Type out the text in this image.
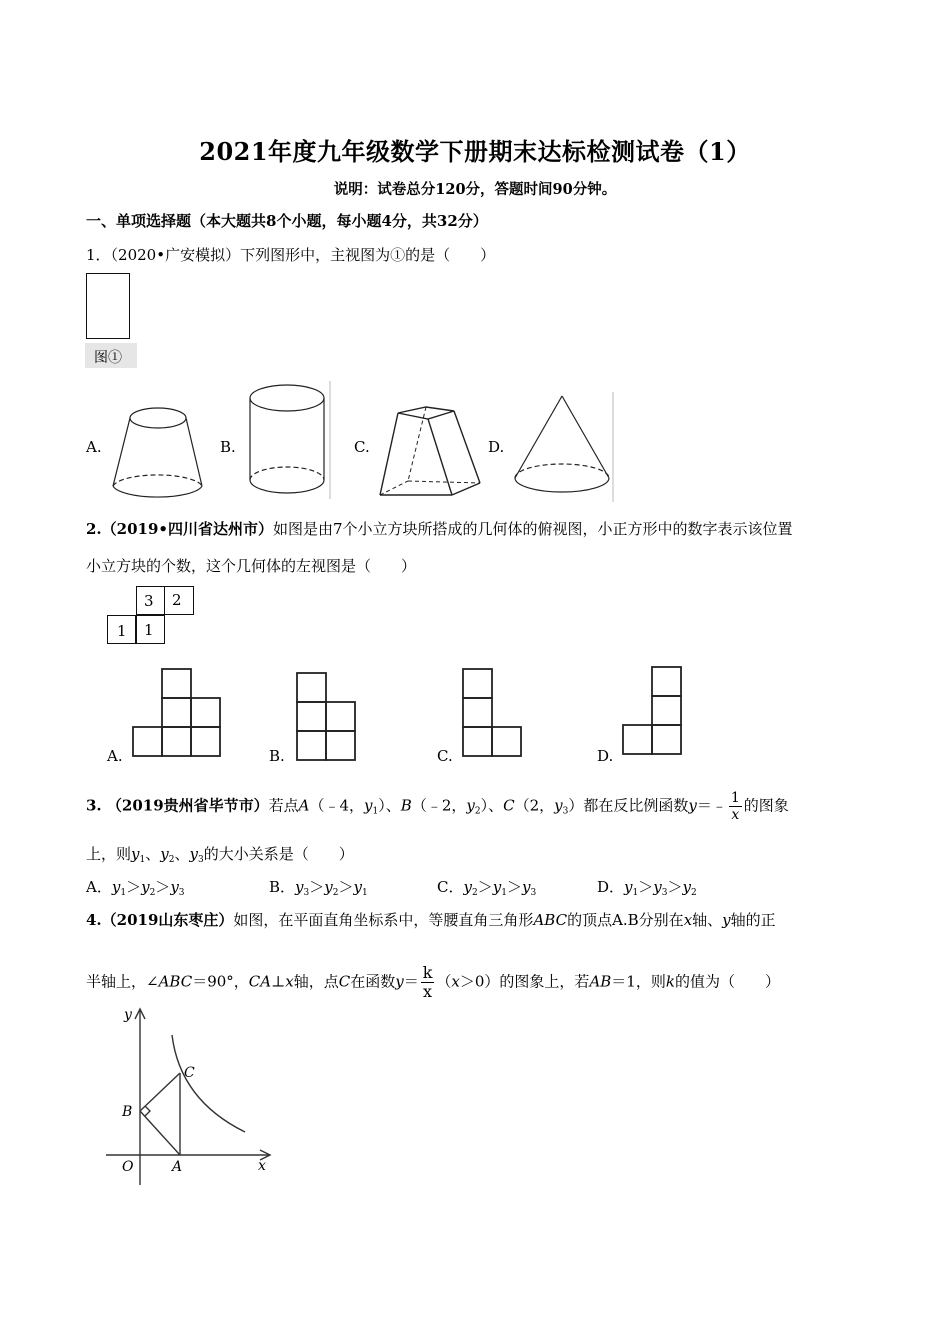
2021年度九年级数学下册期末达标检测试卷（1）
说明：试卷总分120分，答题时间90分钟。
一、单项选择题（本大题共8个小题，每小题4分，共32分）
1．（2020•广安模拟）下列图形中，主视图为①的是（　　）
图①
A.	B.	C.	D.
2.（2019•四川省达州市）如图是由7个小立方块所搭成的几何体的俯视图，小正方形中的数字表示该位置
小立方块的个数，这个几何体的左视图是（　　）
3 2
1 1
A.	B.	C.	D.
3. （2019贵州省毕节市）若点A（﹣4，$y_1$）、B（﹣2，$y_2$）、C（2，$y_3$）都在反比例函数y＝﹣ $\frac{1}{x}$ 的图象
上，则$y_1$、$y_2$、$y_3$的大小关系是（　　）
A．$y_1>y_2>y_3$	B．$y_3>y_2>y_1$	C．$y_2>y_1>y_3$	D．$y_1>y_3>y_2$
4.（2019山东枣庄）如图，在平面直角坐标系中，等腰直角三角形ABC的顶点A.B分别在x轴、y轴的正
半轴上，∠ABC＝90°，CA⊥x轴，点C在函数$y= \frac{k}{x} (x>0)$的图象上，若AB＝1，则k的值为（　　）
y
x
O	A
B
C
